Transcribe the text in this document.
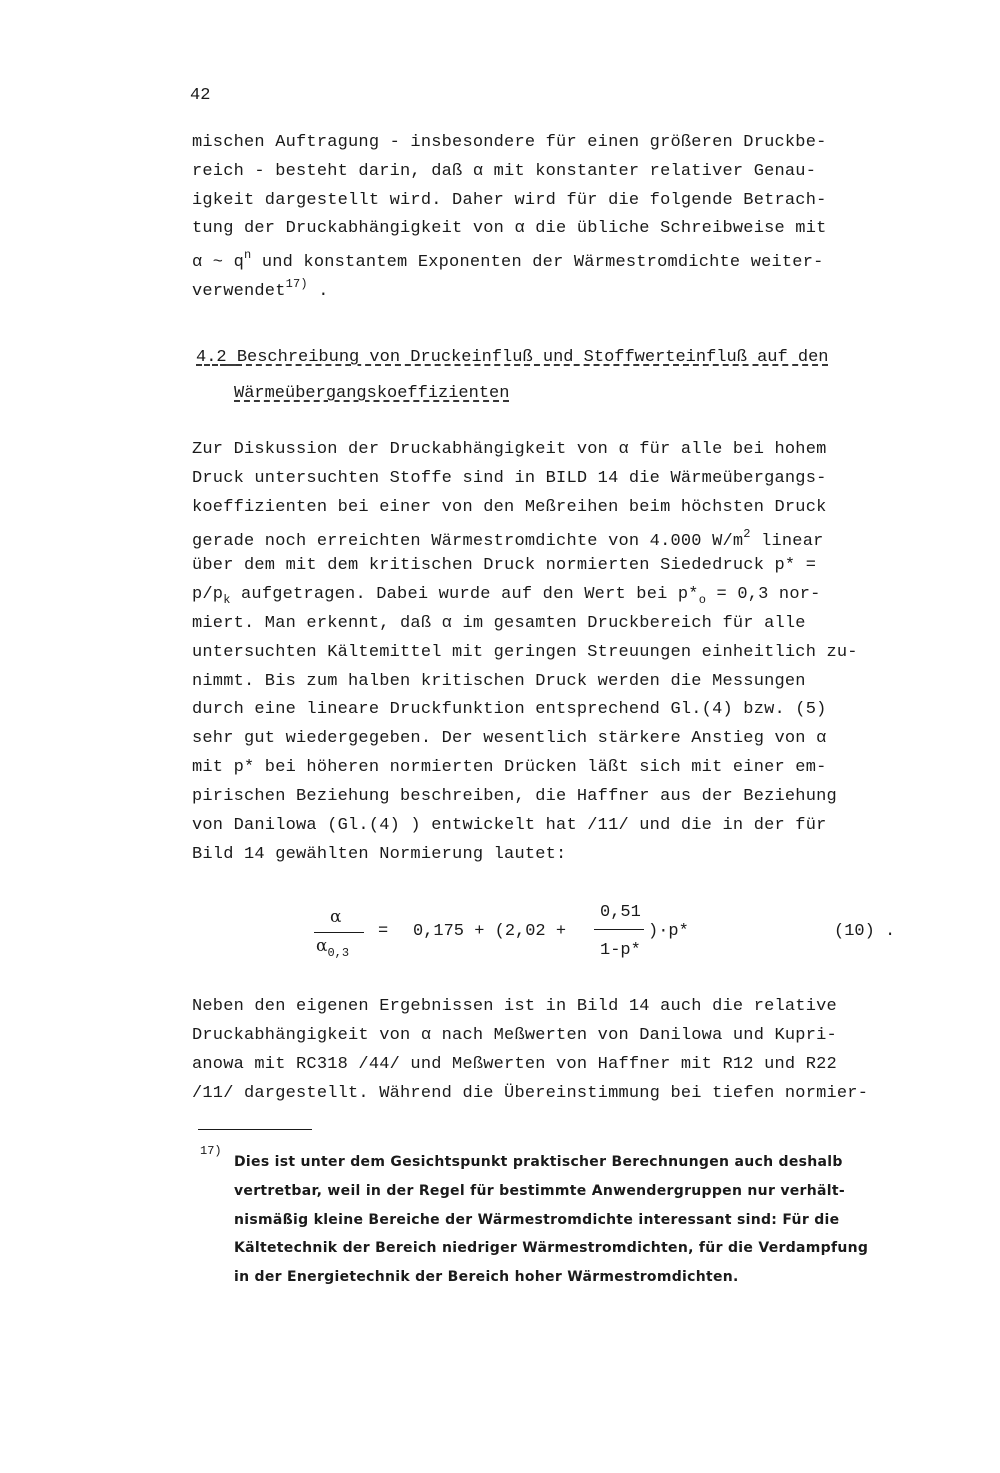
42
mischen Auftragung - insbesondere für einen größeren Druckbe-
reich - besteht darin, daß α mit konstanter relativer Genau-
igkeit dargestellt wird. Daher wird für die folgende Betrach-
tung der Druckabhängigkeit von α die übliche Schreibweise mit
α ~ $q^n$ und konstantem Exponenten der Wärmestromdichte weiter-
verwendet$^{17)}$ .
4.2 Beschreibung von Druckeinfluß und Stoffwerteinfluß auf den
Wärmeübergangskoeffizienten
Zur Diskussion der Druckabhängigkeit von α für alle bei hohem
Druck untersuchten Stoffe sind in BILD 14 die Wärmeübergangs-
koeffizienten bei einer von den Meßreihen beim höchsten Druck
gerade noch erreichten Wärmestromdichte von 4.000 $W/m^2$ linear
über dem mit dem kritischen Druck normierten Siededruck p* =
$p/p_k$ aufgetragen. Dabei wurde auf den Wert bei $p*_o = 0,3$ nor-
miert. Man erkennt, daß α im gesamten Druckbereich für alle
untersuchten Kältemittel mit geringen Streuungen einheitlich zu-
nimmt. Bis zum halben kritischen Druck werden die Messungen
durch eine lineare Druckfunktion entsprechend Gl.(4) bzw. (5)
sehr gut wiedergegeben. Der wesentlich stärkere Anstieg von α
mit p* bei höheren normierten Drücken läßt sich mit einer em-
pirischen Beziehung beschreiben, die Haffner aus der Beziehung
von Danilowa (Gl.(4) ) entwickelt hat /11/ und die in der für
Bild 14 gewählten Normierung lautet:
α
$\alpha_{0,3}$
= 0,175 + (2,02 +
0,51
1-p*
)·p*	(10) .
Neben den eigenen Ergebnissen ist in Bild 14 auch die relative
Druckabhängigkeit von α nach Meßwerten von Danilowa und Kupri-
anowa mit RC318 /44/ und Meßwerten von Haffner mit R12 und R22
/11/ dargestellt. Während die Übereinstimmung bei tiefen normier-
17)
Dies ist unter dem Gesichtspunkt praktischer Berechnungen auch deshalb
vertretbar, weil in der Regel für bestimmte Anwendergruppen nur verhält-
nismäßig kleine Bereiche der Wärmestromdichte interessant sind: Für die
Kältetechnik der Bereich niedriger Wärmestromdichten, für die Verdampfung
in der Energietechnik der Bereich hoher Wärmestromdichten.
